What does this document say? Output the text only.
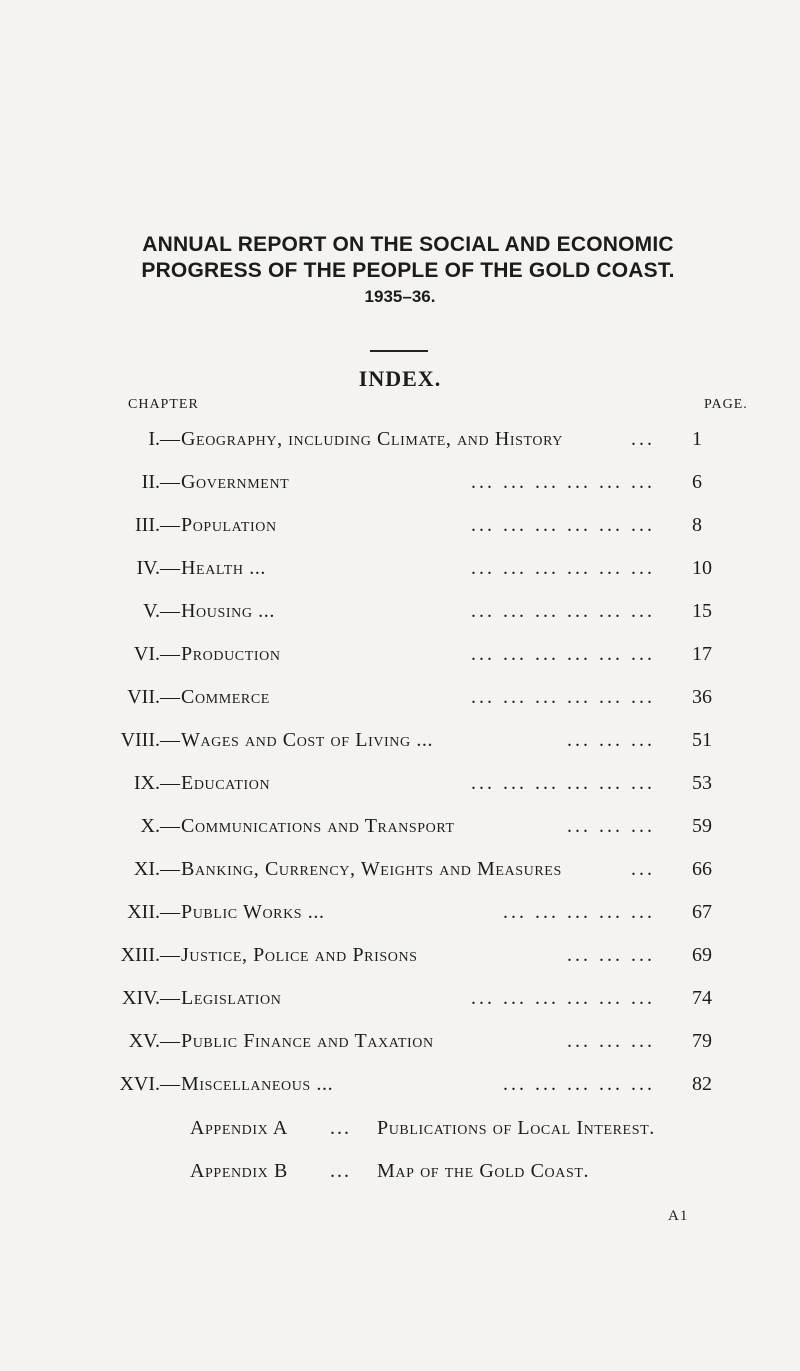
ANNUAL REPORT ON THE SOCIAL AND ECONOMIC
PROGRESS OF THE PEOPLE OF THE GOLD COAST.
1935–36.
INDEX.
CHAPTER	PAGE.
I.— Geography, including Climate, and History	... 1
II.— Government	... ... ... ... ... ... 6
III.— Population	... ... ... ... ... ... 8
IV.— Health ...	... ... ... ... ... ... 10
V.— Housing ...	... ... ... ... ... ... 15
VI.— Production	... ... ... ... ... ... 17
VII.— Commerce	... ... ... ... ... ... 36
VIII.— Wages and Cost of Living ...	... ... ... 51
IX.— Education	... ... ... ... ... ... 53
X.— Communications and Transport	... ... ... 59
XI.— Banking, Currency, Weights and Measures	... 66
XII.— Public Works ...	... ... ... ... ... 67
XIII.— Justice, Police and Prisons	... ... ... 69
XIV.— Legislation	... ... ... ... ... ... 74
XV.— Public Finance and Taxation	... ... ... 79
XVI.— Miscellaneous ...	... ... ... ... ... 82
Appendix A ... Publications of Local Interest.
Appendix B ... Map of the Gold Coast.
A1
